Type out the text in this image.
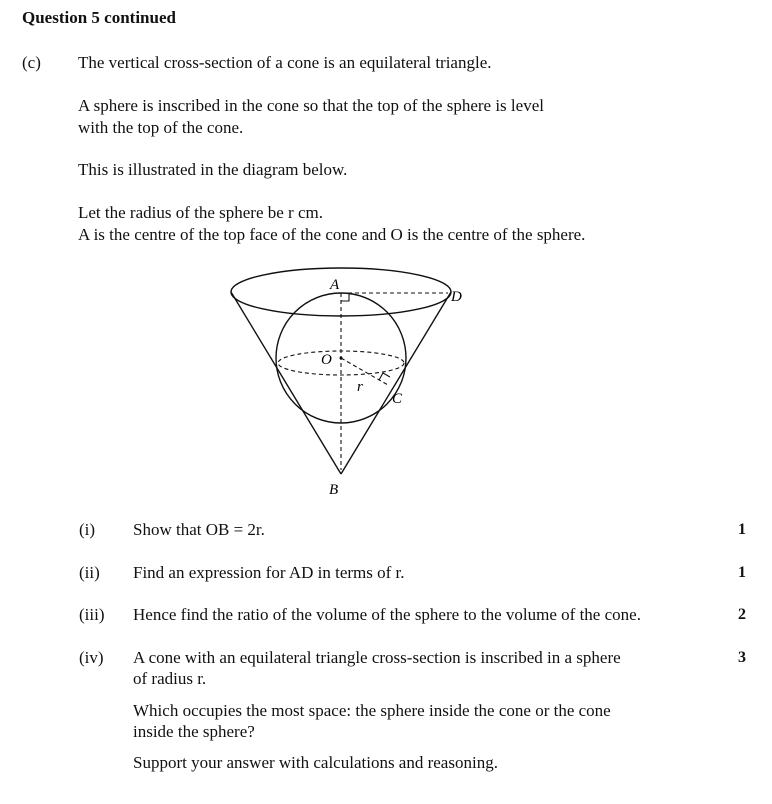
Question 5 continued
(c) The vertical cross-section of a cone is an equilateral triangle.
A sphere is inscribed in the cone so that the top of the sphere is level
with the top of the cone.
This is illustrated in the diagram below.
Let the radius of the sphere be r cm.
A is the centre of the top face of the cone and O is the centre of the sphere.
A
D
O
r
C
B
(i) Show that OB = 2r.	1
(ii) Find an expression for AD in terms of r.	1
(iii) Hence find the ratio of the volume of the sphere to the volume of the cone.	2
(iv) A cone with an equilateral triangle cross-section is inscribed in a sphere
of radius r.
Which occupies the most space: the sphere inside the cone or the cone
inside the sphere?
Support your answer with calculations and reasoning.
3
